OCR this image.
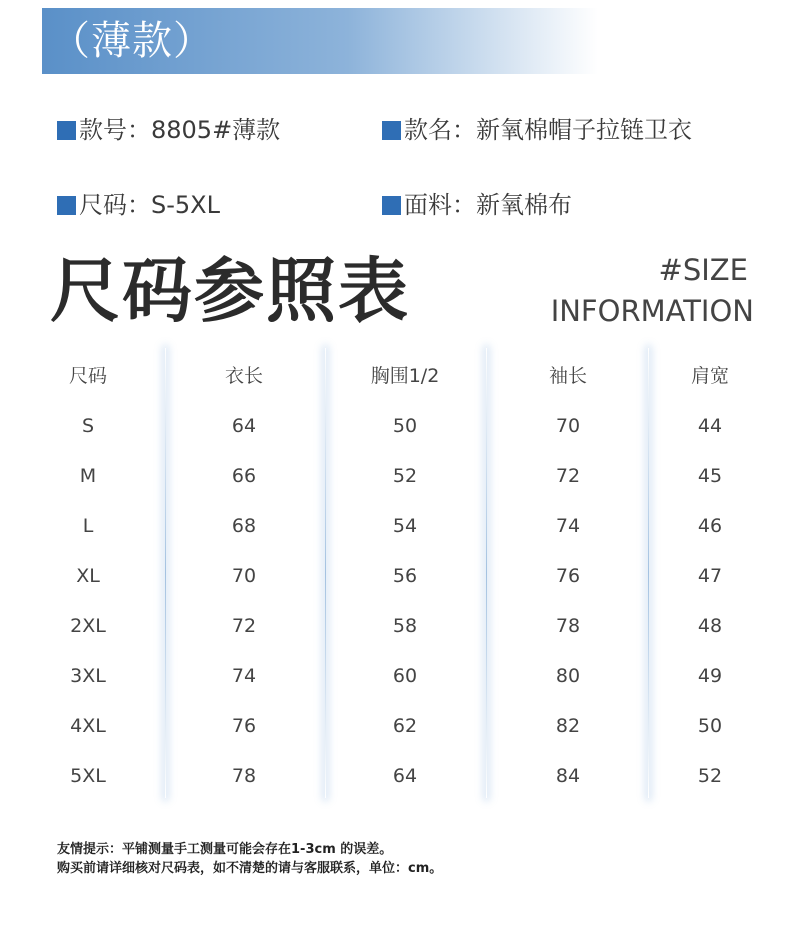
（薄款）
款号：8805#薄款	款名：新氧棉帽子拉链卫衣
尺码：S-5XL	面料：新氧棉布
尺码参照表	#SIZE
INFORMATION
尺码	衣长	胸围1/2	袖长	肩宽
S	64	50	70	44
M	66	52	72	45
L	68	54	74	46
XL	70	56	76	47
2XL	72	58	78	48
3XL	74	60	80	49
4XL	76	62	82	50
5XL	78	64	84	52
友情提示：平铺测量手工测量可能会存在1-3cm 的误差。
购买前请详细核对尺码表，如不清楚的请与客服联系，单位：cm。
